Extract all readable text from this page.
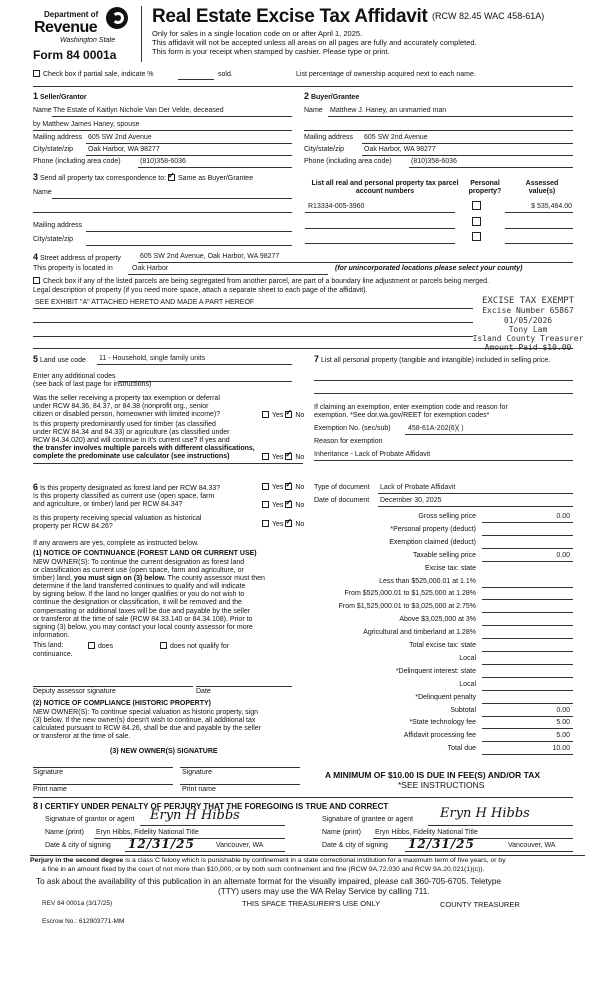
Department of
Revenue
Washington State
Form 84 0001a
Real Estate Excise Tax Affidavit (RCW 82.45 WAC 458-61A)
Only for sales in a single location code on or after April 1, 2025.
This affidavit will not be accepted unless all areas on all pages are fully and accurately completed.
This form is your receipt when stamped by cashier. Please type or print.
Check box if partial sale, indicate %	sold.	List percentage of ownership acquired next to each name.
1 Seller/Grantor
Name The Estate of Kaitlyn Nichole Van Der Velde, deceased
by Matthew James Haney, spouse
Mailing address 605 SW 2nd Avenue
City/state/zip Oak Harbor, WA 98277
Phone (including area code)	(810)358-6036
2 Buyer/Grantee
Name Matthew J. Haney, an unmarried man
Mailing address 605 SW 2nd Avenue
City/state/zip	Oak Harbor, WA 98277
Phone (including area code)	(810)358-6036
3 Send all property tax correspondence to: ✓ Same as Buyer/Grantee
Name
Mailing address
City/state/zip
List all real and personal property tax parcel account numbers
Personal property?
Assessed value(s)
R13334-005-3960	$ 535,464.00
4 Street address of property	605 SW 2nd Avenue, Oak Harbor, WA 98277
This property is located in	Oak Harbor	(for unincorporated locations please select your county)
Check box if any of the listed parcels are being segregated from another parcel, are part of a boundary line adjustment or parcels being merged.
Legal description of property (if you need more space, attach a separate sheet to each page of the affidavit).
SEE EXHIBIT "A" ATTACHED HERETO AND MADE A PART HEREOF	EXCISE TAX EXEMPT
Excise Number 65867
01/05/2026
Tony Lam
Island County Treasurer
Amount Paid $10.00
5 Land use code 11 - Household, single family units
Enter any additional codes
(see back of last page for instructions)
Was the seller receiving a property tax exemption or deferral
under RCW 84.36, 84.37, or 84.38 (nonprofit org., senior
citizen or disabled person, homeowner with limited income)?	Yes ✓ No
Is this property predominantly used for timber (as classified
under RCW 84.34 and 84.33) or agriculture (as classified under
RCW 84.34.020) and will continue in it's current use? If yes and
the transfer involves multiple parcels with different classifications,
complete the predominate use calculator (see instructions)	Yes ✓ No
7 List all personal property (tangible and intangible) included in selling price.
If claiming an exemption, enter exemption code and reason for
exemption. *See dor.wa.gov/REET for exemption codes*
Exemption No. (sec/sub) 458-61A-202(6)( )
Reason for exemption
Inheritance - Lack of Probate Affidavit
Type of document Lack of Probate Affidavit
Date of document December 30, 2025
6 Is this property designated as forest land per RCW 84.33?	Yes ✓ No
Is this property classified as current use (open space, farm
and agriculture, or timber) land per RCW 84.34?	Yes ✓ No
Is this property receiving special valuation as historical
property per RCW 84.26?	Yes ✓ No
If any answers are yes, complete as instructed below.
(1) NOTICE OF CONTINUANCE (FOREST LAND OR CURRENT USE)
NEW OWNER(S): To continue the current designation as forest land
or classification as current use (open space, farm and agriculture, or
timber) land, you must sign on (3) below. The county assessor must then
determine if the land transferred continues to qualify and will indicate
by signing below. If the land no longer qualifies or you do not wish to
continue the designation or classification, it will be removed and the
compensating or additional taxes will be due and payable by the seller
or transferor at the time of sale (RCW 84.33.140 or 84.34.108). Prior to
signing (3) below, you may contact your local county assessor for more
information.
This land:	does	does not qualify for
continuance.
Deputy assessor signature	Date
(2) NOTICE OF COMPLIANCE (HISTORIC PROPERTY)
NEW OWNER(S): To continue special valuation as historic property, sign
(3) below. If the new owner(s) doesn't wish to continue, all additional tax
calculated pursuant to RCW 84.26, shall be due and payable by the seller
or transferor at the time of sale.
(3) NEW OWNER(S) SIGNATURE
Signature	Signature
Print name	Print name
Gross selling price	0.00
*Personal property (deduct)
Exemption claimed (deduct)
Taxable selling price	0.00
Excise tax: state
Less than $525,000.01 at 1.1%
From $525,000.01 to $1,525,000 at 1.28%
From $1,525,000.01 to $3,025,000 at 2.75%
Above $3,025,000 at 3%
Agricultural and timberland at 1.28%
Total excise tax: state
Local
*Delinquent interest: state
Local
*Delinquent penalty
Subtotal	0.00
*State technology fee	5.00
Affidavit processing fee	5.00
Total due	10.00
A MINIMUM OF $10.00 IS DUE IN FEE(S) AND/OR TAX
*SEE INSTRUCTIONS
8 I CERTIFY UNDER PENALTY OF PERJURY THAT THE FOREGOING IS TRUE AND CORRECT
Signature of grantor or agent Eryn H Hibbs
Name (print) Eryn Hibbs, Fidelity National Title
Date & city of signing 12/31/25	Vancouver, WA
Signature of grantee or agent Eryn H Hibbs
Name (print) Eryn Hibbs, Fidelity National Title
Date & city of signing 12/31/25	Vancouver, WA
Perjury in the second degree is a class C felony which is punishable by confinement in a state correctional institution for a maximum term of five years, or by
a fine in an amount fixed by the court of not more than $10,000, or by both such confinement and fine (RCW 9A.72.030 and RCW 9A.20.021(1)(c)).
To ask about the availability of this publication in an alternate format for the visually impaired, please call 360-705-6705. Teletype
(TTY) users may use the WA Relay Service by calling 711.
REV 84 0001a (3/17/25)	THIS SPACE TREASURER'S USE ONLY	COUNTY TREASURER
Escrow No.: 612903771-MM
